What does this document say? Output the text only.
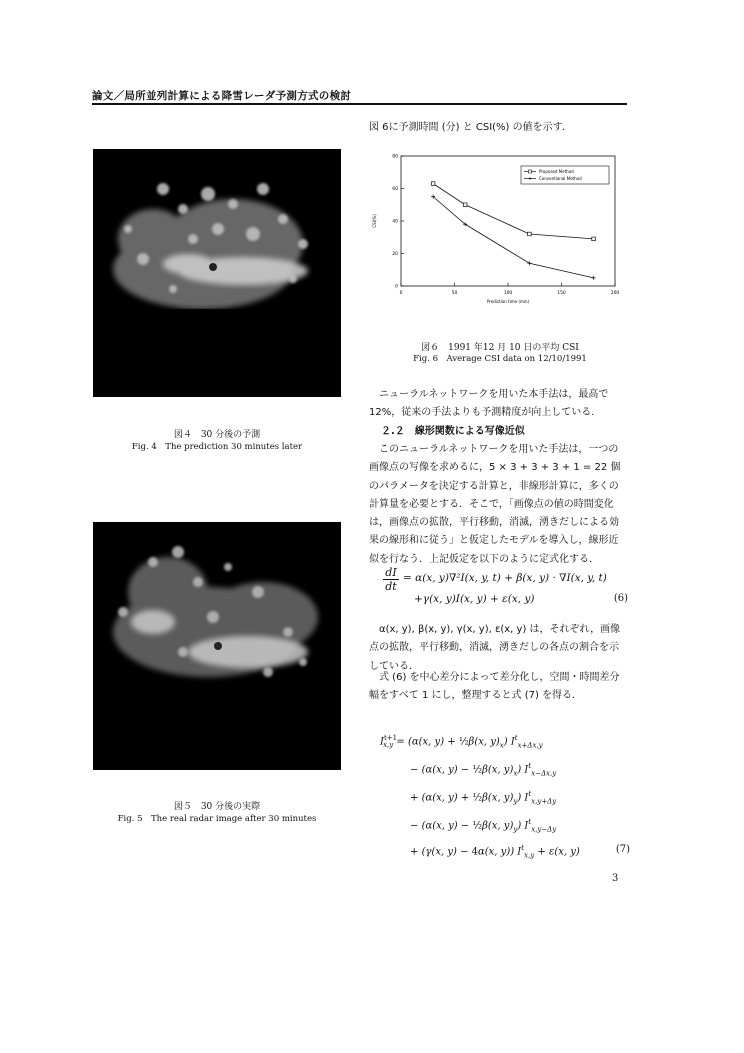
論文／局所並列計算による降雪レーダ予測方式の検討
図４　30 分後の予測
Fig. 4　The prediction 30 minutes later
図５　30 分後の実際
Fig. 5　The real radar image after 30 minutes
図 6に予測時間 (分) と CSI(%) の値を示す．
0	50	100	150	200
0
20
40
60
80
Prediction time (min)
CSI(%)
Proposed Method
Conventional Method
図６　1991 年12 月 10 日の平均 CSI
Fig. 6　Average CSI data on 12/10/1991
ニューラルネットワークを用いた本手法は，最高で
12%，従来の手法よりも予測精度が向上している．
２.２ 線形関数による写像近似
このニューラルネットワークを用いた手法は，一つの
画像点の写像を求めるに，5 × 3 + 3 + 3 + 1 = 22 個
のパラメータを決定する計算と，非線形計算に，多くの
計算量を必要とする．そこで，「画像点の値の時間変化
は，画像点の拡散，平行移動，消滅，湧きだしによる効
果の線形和に従う」と仮定したモデルを導入し，線形近
似を行なう．上記仮定を以下のように定式化する．
dI
dt
= α(x, y)∇²I(x, y, t) + β(x, y) · ∇I(x, y, t)
+γ(x, y)I(x, y) + ε(x, y)	(6)
α(x, y), β(x, y), γ(x, y), ε(x, y) は，それぞれ，画像
点の拡散，平行移動，消滅，湧きだしの各点の割合を示
している．
式 (6) を中心差分によって差分化し，空間・時間差分
幅をすべて 1 にし，整理すると式 (7) を得る．
$I^{t+1}_{x,y} = (\alpha(x$, y) + ½β(x, $y)_x$) $I^t_{x+\Delta x,y}$
− (α(x, y) − ½β(x, $y)_x$) $I^t_{x-\Delta x,y}$
+ (α(x, y) + ½β(x, $y)_y$) $I^t_{x,y+\Delta y}$
− (α(x, y) − ½β(x, $y)_y$) $I^t_{x,y-\Delta y}$
+ (γ(x, y) − 4α(x, y)) $I^t_{x,y} + \varepsilon(x$, y)	(7)
3
